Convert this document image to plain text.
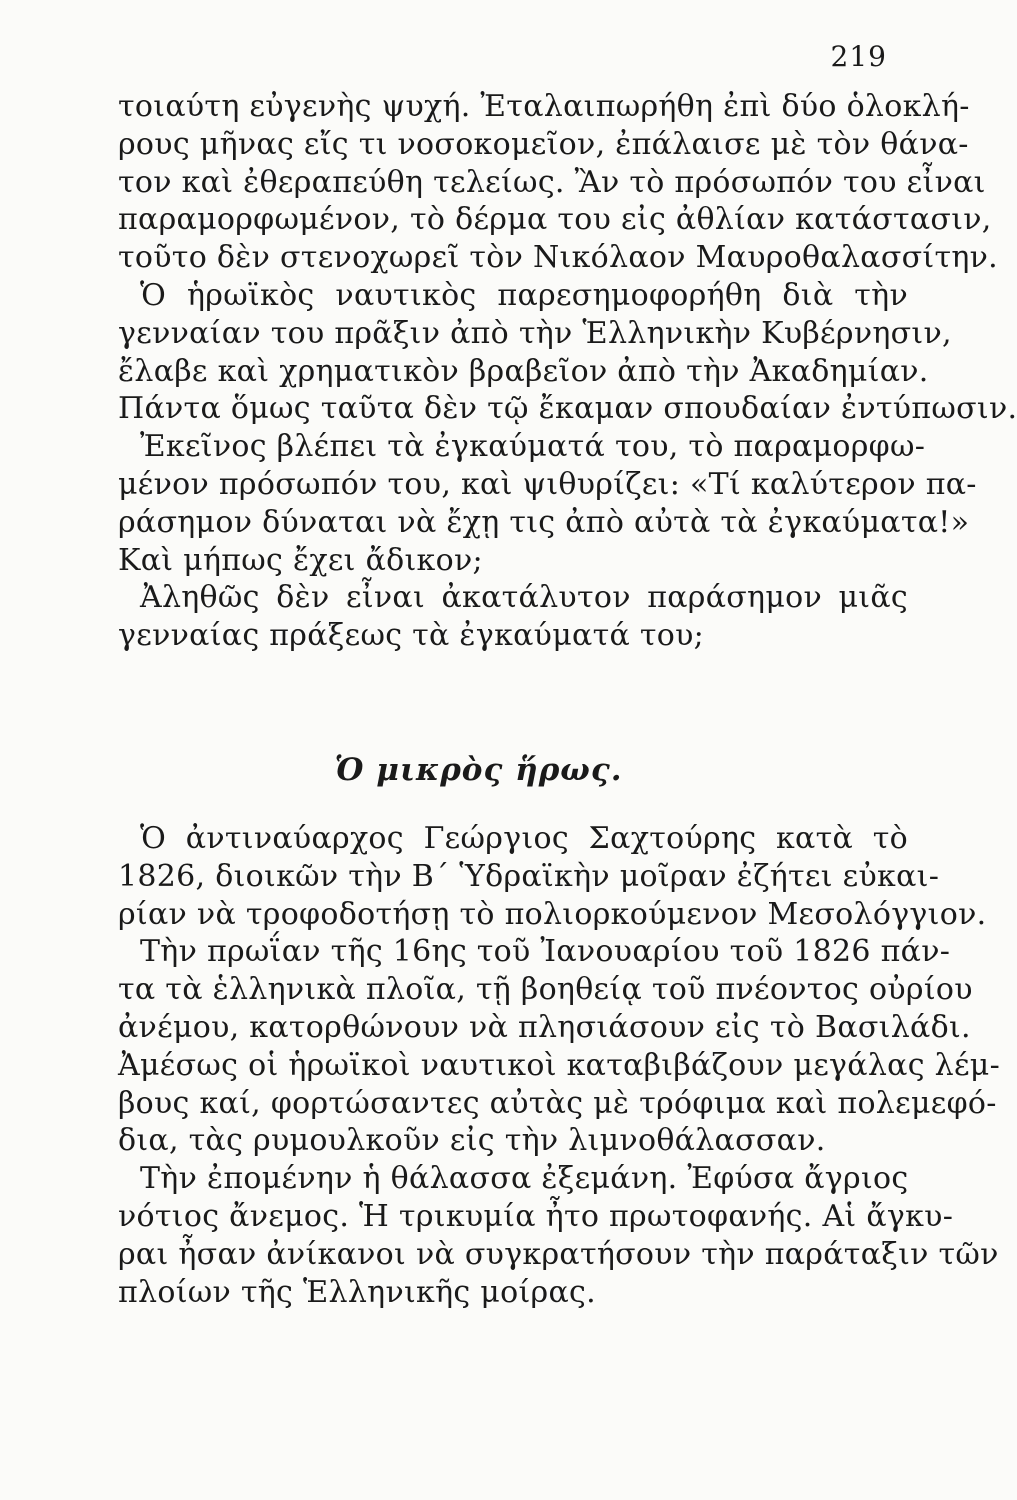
219
τοιαύτη εὐγενὴς ψυχή. Ἐταλαιπωρήθη ἐπὶ δύο ὁλοκλή-
ρους μῆνας εἴς τι νοσοκομεῖον, ἐπάλαισε μὲ τὸν θάνα-
τον καὶ ἐθεραπεύθη τελείως. Ἂν τὸ πρόσωπόν του εἶναι
παραμορφωμένον, τὸ δέρμα του εἰς ἀθλίαν κατάστασιν,
τοῦτο δὲν στενοχωρεῖ τὸν Νικόλαον Μαυροθαλασσίτην.
Ὁ ἡρωϊκὸς ναυτικὸς παρεσημοφορήθη διὰ τὴν
γενναίαν του πρᾶξιν ἀπὸ τὴν Ἑλληνικὴν Κυβέρνησιν,
ἔλαβε καὶ χρηματικὸν βραβεῖον ἀπὸ τὴν Ἀκαδημίαν.
Πάντα ὅμως ταῦτα δὲν τῷ ἔκαμαν σπουδαίαν ἐντύπωσιν.
Ἐκεῖνος βλέπει τὰ ἐγκαύματά του, τὸ παραμορφω-
μένον πρόσωπόν του, καὶ ψιθυρίζει: «Τί καλύτερον πα-
ράσημον δύναται νὰ ἔχῃ τις ἀπὸ αὐτὰ τὰ ἐγκαύματα!»
Καὶ μήπως ἔχει ἄδικον;
Ἀληθῶς δὲν εἶναι ἀκατάλυτον παράσημον μιᾶς
γενναίας πράξεως τὰ ἐγκαύματά του;
Ὁ μικρὸς ἥρως.
Ὁ ἀντιναύαρχος Γεώργιος Σαχτούρης κατὰ τὸ
1826, διοικῶν τὴν Β΄ Ὑδραϊκὴν μοῖραν ἐζήτει εὐκαι-
ρίαν νὰ τροφοδοτήσῃ τὸ πολιορκούμενον Μεσολόγγιον.
Τὴν πρωΐαν τῆς 16ης τοῦ Ἰανουαρίου τοῦ 1826 πάν-
τα τὰ ἑλληνικὰ πλοῖα, τῇ βοηθείᾳ τοῦ πνέοντος οὐρίου
ἀνέμου, κατορθώνουν νὰ πλησιάσουν εἰς τὸ Βασιλάδι.
Ἀμέσως οἱ ἡρωϊκοὶ ναυτικοὶ καταβιβάζουν μεγάλας λέμ-
βους καί, φορτώσαντες αὐτὰς μὲ τρόφιμα καὶ πολεμεφό-
δια, τὰς ρυμουλκοῦν εἰς τὴν λιμνοθάλασσαν.
Τὴν ἐπομένην ἡ θάλασσα ἐξεμάνη. Ἐφύσα ἄγριος
νότιος ἄνεμος. Ἡ τρικυμία ἦτο πρωτοφανής. Αἱ ἄγκυ-
ραι ἦσαν ἀνίκανοι νὰ συγκρατήσουν τὴν παράταξιν τῶν
πλοίων τῆς Ἑλληνικῆς μοίρας.
